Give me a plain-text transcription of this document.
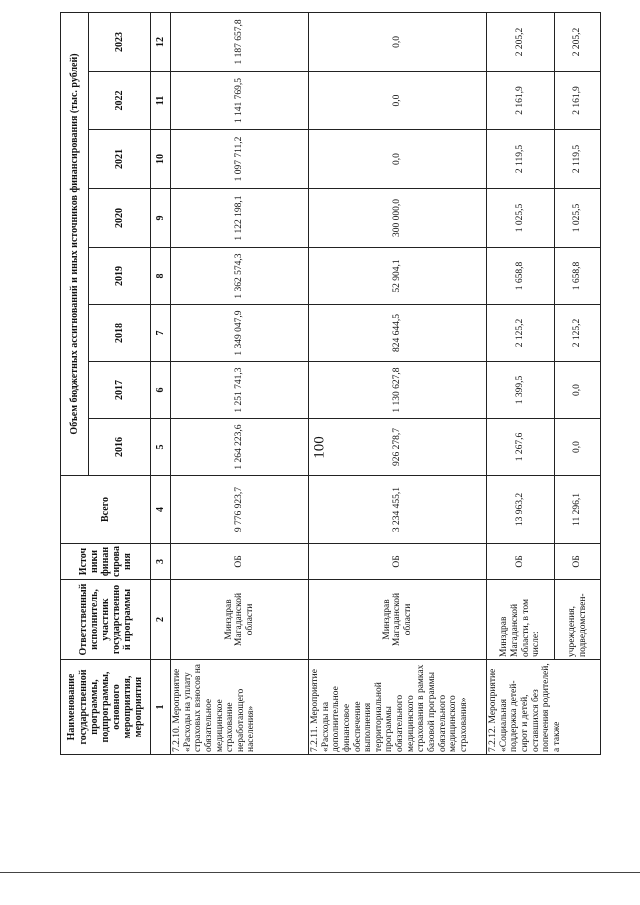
100
Наименование государственной программы, подпрограммы, основного мероприятия, мероприятия	Ответственный исполнитель, участник государственной программы	Источники финансирования	Всего	Объем бюджетных ассигнований и иных источников финансирования (тыс. рублей)							
				2016	2017	2018	2019	2020	2021	2022	2023
1	2	3	4	5	6	7	8	9	10	11	12
7.2.10. Мероприятие «Расходы на уплату страховых взносов на обязательное медицинское страхование неработающего населения»	Минздрав Магаданской области	ОБ	9 776 923,7	1 264 223,6	1 251 741,3	1 349 047,9	1 362 574,3	1 122 198,1	1 097 711,2	1 141 769,5	1 187 657,8
7.2.11. Мероприятие «Расходы на дополнительное финансовое обеспечение выполнения территориальной программы обязательного медицинского страхования в рамках базовой программы обязательного медицинского страхования»	Минздрав Магаданской области	ОБ	3 234 455,1	926 278,7	1 130 627,8	824 644,5	52 904,1	300 000,0	0,0	0,0	0,0
7.2.12. Мероприятие «Социальная поддержка детей-сирот и детей, оставшихся без попечения родителей, а также	Минздрав Магаданской области, в том числе:	ОБ	13 963,2	1 267,6	1 399,5	2 125,2	1 658,8	1 025,5	2 119,5	2 161,9	2 205,2
	учреждения, подведомствен-	ОБ	11 296,1	0,0	0,0	2 125,2	1 658,8	1 025,5	2 119,5	2 161,9	2 205,2
